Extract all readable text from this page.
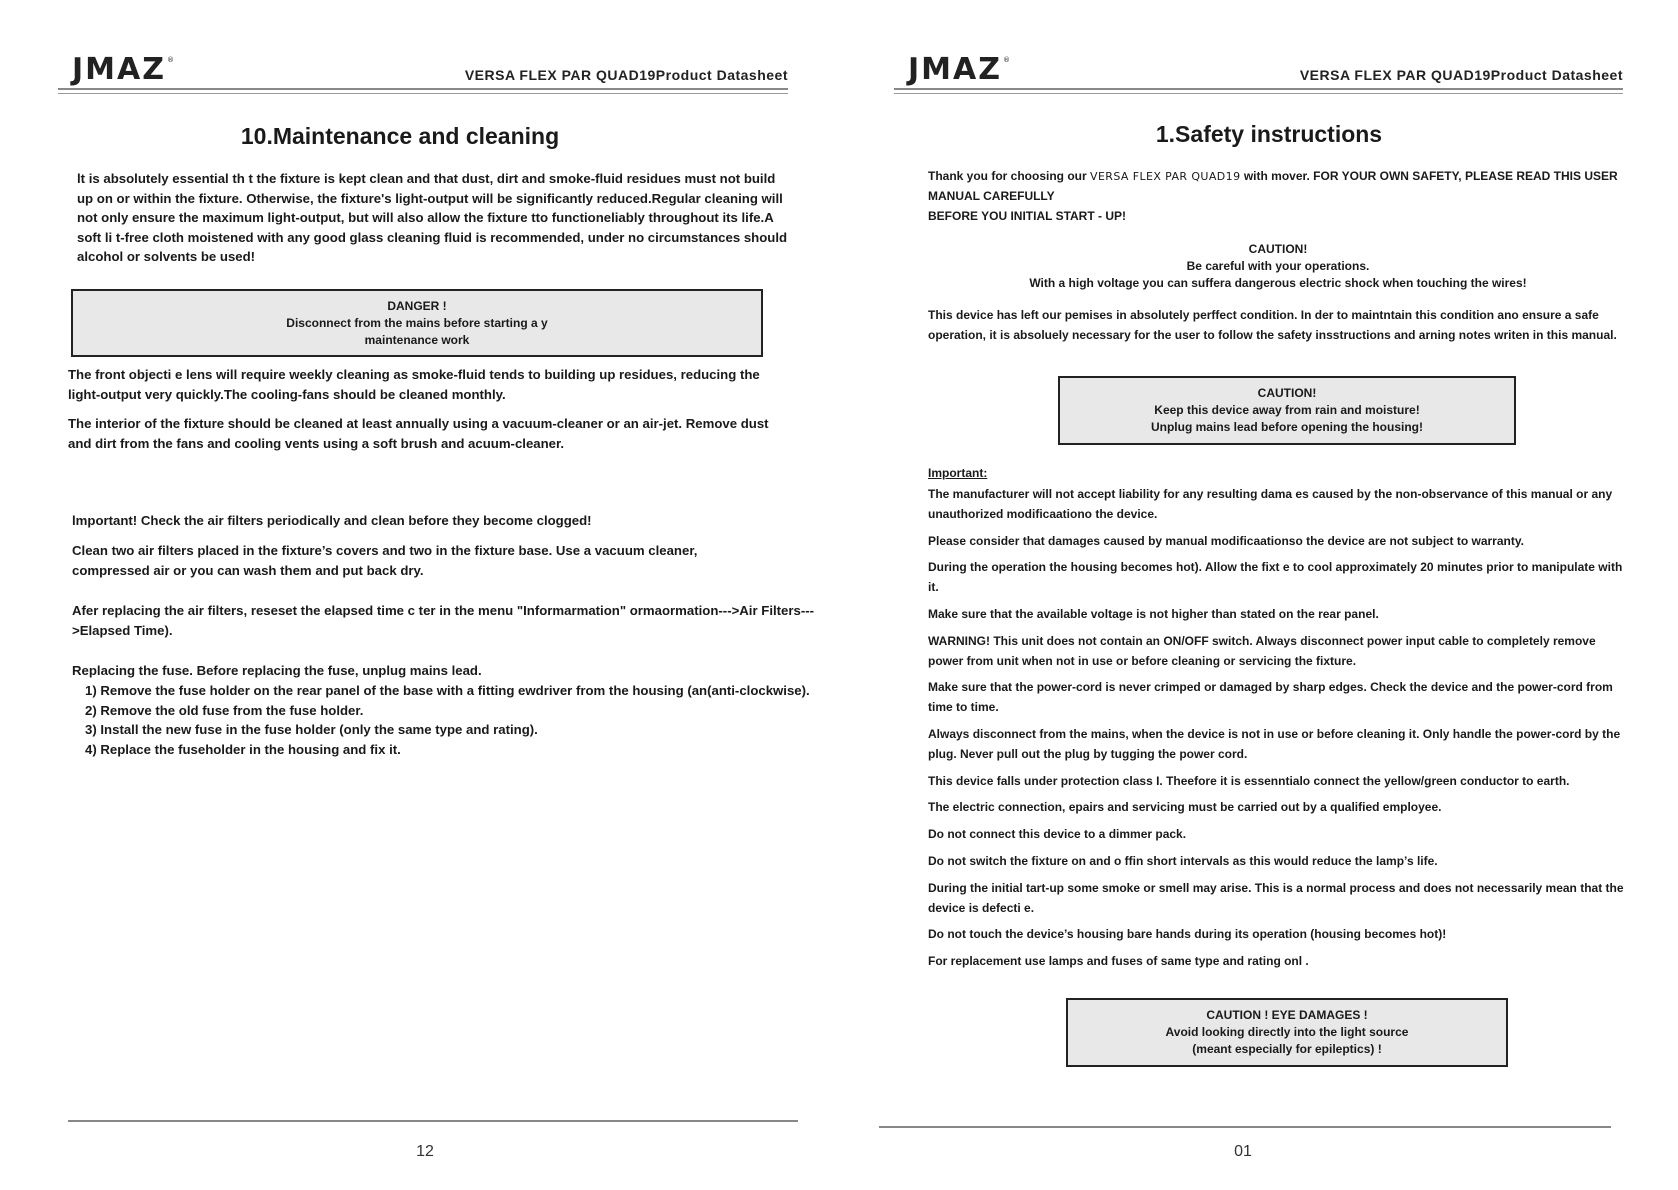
JMAZ®
VERSA FLEX PAR QUAD19Product Datasheet
10.Maintenance and cleaning

lt is absolutely essential th t the fixture is kept clean and that dust, dirt and smoke-fluid residues must not build up on or within the fixture. Otherwise, the fixture's light-output will be significantly reduced.Regular cleaning will not only ensure the maximum light-output, but will also allow the fixture tto functioneliably throughout its life.A soft li t-free cloth moistened with any good glass cleaning fluid is recommended, under no circumstances should alcohol or solvents be used!

DANGER !
Disconnect from the mains before starting a y
maintenance work

The front objecti e lens will require weekly cleaning as smoke-fluid tends to building up residues, reducing the light-output very quickly.The cooling-fans should be cleaned monthly.

The interior of the fixture should be cleaned at least annually using a vacuum-cleaner or an air-jet. Remove dust and dirt from the fans and cooling vents using a soft brush and acuum-cleaner.

lmportant! Check the air filters periodically and clean before they become clogged!

Clean two air filters placed in the fixture’s covers and two in the fixture base. Use a vacuum cleaner, compressed air or you can wash them and put back dry.

Afer replacing the air filters, reseset the elapsed time c ter in the menu "Informarmation" ormaormation--->Air Filters--->Elapsed Time).

Replacing the fuse. Before replacing the fuse, unplug mains lead.

1) Remove the fuse holder on the rear panel of the base with a fitting ewdriver from the housing (an(anti-clockwise).
2) Remove the old fuse from the fuse holder.
3) Install the new fuse in the fuse holder (only the same type and rating).
4) Replace the fuseholder in the housing and fix it.
12
JMAZ®
VERSA FLEX PAR QUAD19Product Datasheet
1.Safety instructions

Thank you for choosing our VERSA FLEX PAR QUAD19 with mover. FOR YOUR OWN SAFETY, PLEASE READ THIS USER MANUAL CAREFULLY

BEFORE YOU INITIAL START - UP!

CAUTION!
Be careful with your operations.
With a high voltage you can suffera dangerous electric shock when touching the wires!

This device has left our pemises in absolutely perffect condition. In der to maintntain this condition ano ensure a safe operation, it is absoluely necessary for the user to follow the safety insstructions and arning notes writen in this manual.

CAUTION!
Keep this device away from rain and moisture!
Unplug mains lead before opening the housing!

Important:

The manufacturer will not accept liability for any resulting dama es caused by the non-observance of this manual or any unauthorized modificaationo the device.

Please consider that damages caused by manual modificaationso the device are not subject to warranty.

During the operation the housing becomes hot). Allow the fixt e to cool approximately 20 minutes prior to manipulate with it.

Make sure that the available voltage is not higher than stated on the rear panel.

WARNING! This unit does not contain an ON/OFF switch. Always disconnect power input cable to completely remove power from unit when not in use or before cleaning or servicing the fixture.

Make sure that the power-cord is never crimped or damaged by sharp edges. Check the device and the power-cord from time to time.

Always disconnect from the mains, when the device is not in use or before cleaning it. Only handle the power-cord by the plug. Never pull out the plug by tugging the power cord.

This device falls under protection class I. Theefore it is essenntialo connect the yellow/green conductor to earth.

The electric connection, epairs and servicing must be carried out by a qualified employee.

Do not connect this device to a dimmer pack.

Do not switch the fixture on and o ffin short intervals as this would reduce the lamp’s life.

During the initial tart-up some smoke or smell may arise. This is a normal process and does not necessarily mean that the device is defecti e.

Do not touch the device’s housing bare hands during its operation (housing becomes hot)!

For replacement use lamps and fuses of same type and rating onl .

CAUTION ! EYE DAMAGES !
Avoid looking directly into the light source
(meant especially for epileptics) !
01
